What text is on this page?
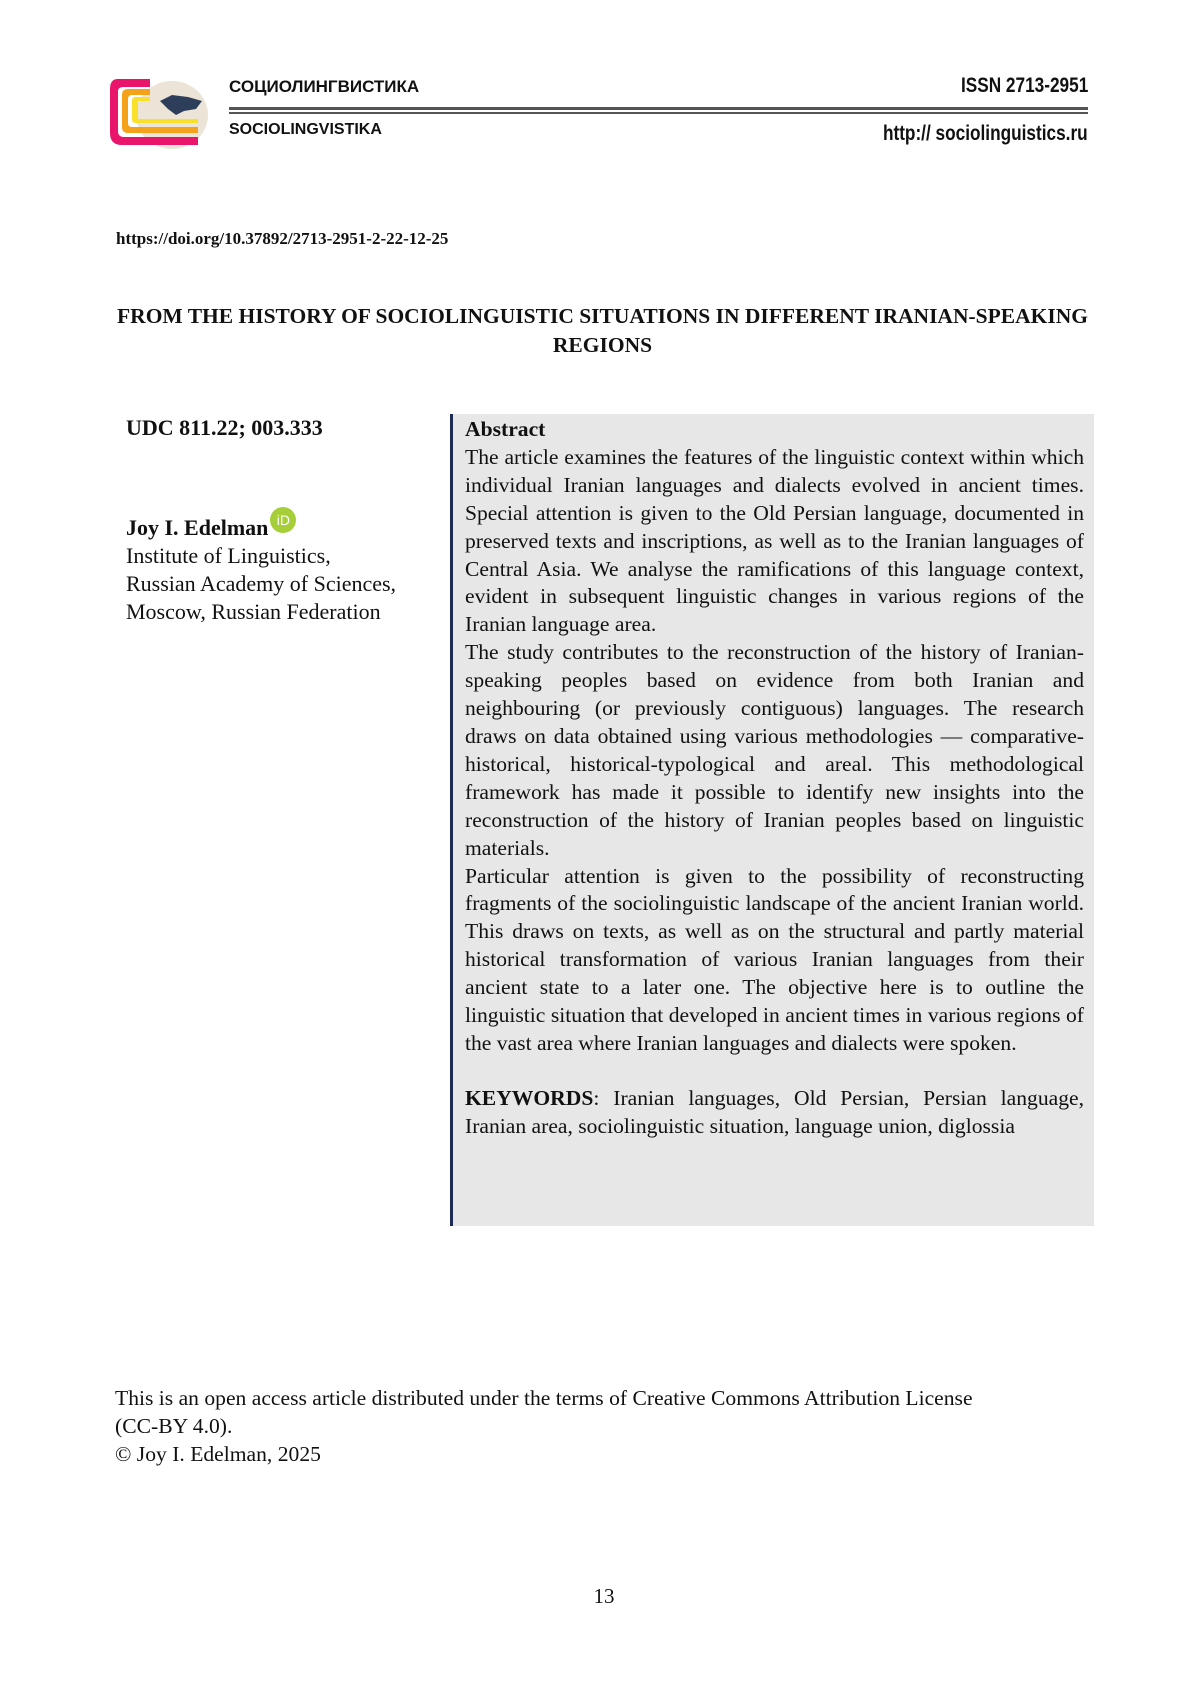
СОЦИОЛИНГВИСТИКА
SOCIOLINGVISTIKA
ISSN 2713-2951
http:// sociolinguistics.ru
https://doi.org/10.37892/2713-2951-2-22-12-25
FROM THE HISTORY OF SOCIOLINGUISTIC SITUATIONS IN DIFFERENT IRANIAN-SPEAKING REGIONS
UDC 811.22; 003.333
Joy I. Edelman iD
Institute of Linguistics, Russian Academy of Sciences, Moscow, Russian Federation

Abstract

The article examines the features of the linguistic context within which individual Iranian languages and dialects evolved in ancient times. Special attention is given to the Old Persian language, documented in preserved texts and inscriptions, as well as to the Iranian languages of Central Asia. We analyse the ramifications of this language context, evident in subsequent linguistic changes in various regions of the Iranian language area.

The study contributes to the reconstruction of the history of Iranian-speaking peoples based on evidence from both Iranian and neighbouring (or previously contiguous) languages. The research draws on data obtained using various methodologies — comparative-historical, historical-typological and areal. This methodological framework has made it possible to identify new insights into the reconstruction of the history of Iranian peoples based on linguistic materials.

Particular attention is given to the possibility of reconstructing fragments of the sociolinguistic landscape of the ancient Iranian world. This draws on texts, as well as on the structural and partly material historical transformation of various Iranian languages from their ancient state to a later one. The objective here is to outline the linguistic situation that developed in ancient times in various regions of the vast area where Iranian languages and dialects were spoken.

KEYWORDS: Iranian languages, Old Persian, Persian language, Iranian area, sociolinguistic situation, language union, diglossia

This is an open access article distributed under the terms of Creative Commons Attribution License (CC-BY 4.0).
© Joy I. Edelman, 2025
13
